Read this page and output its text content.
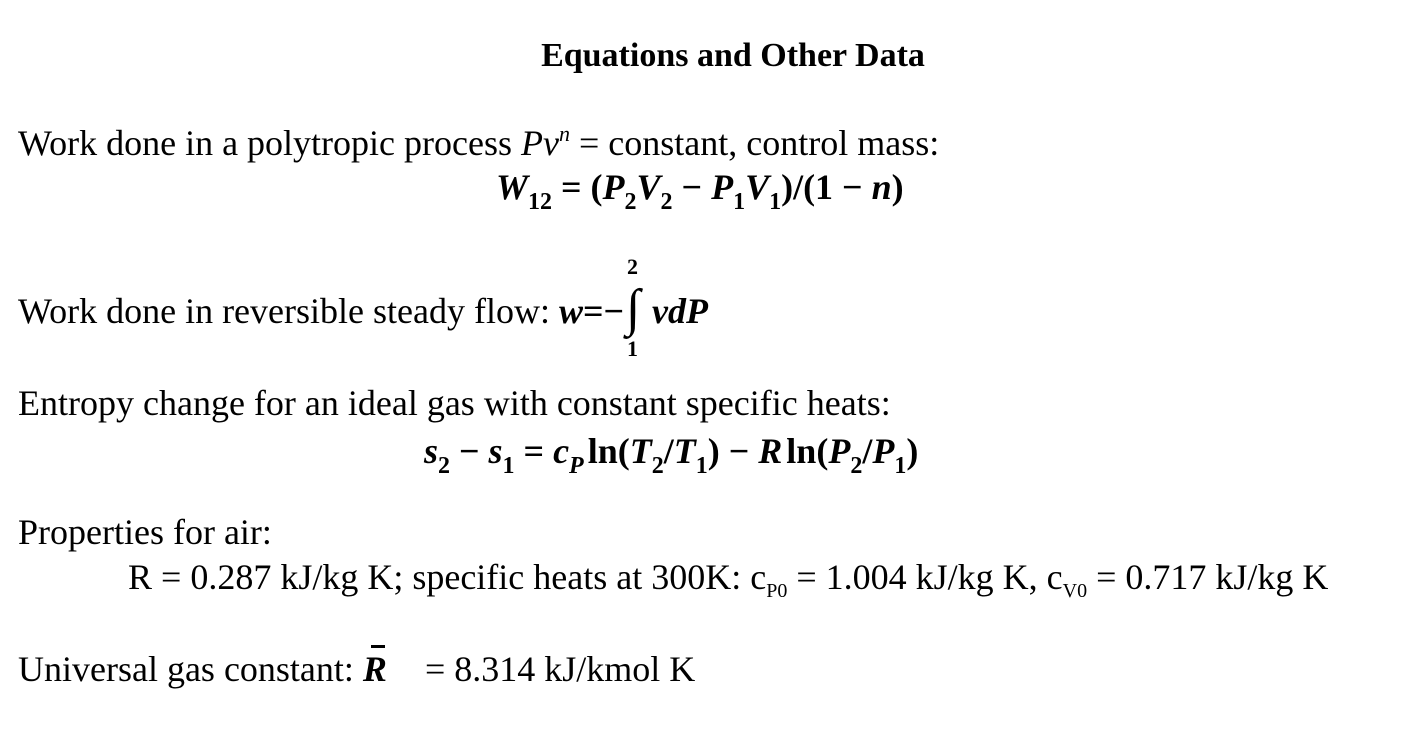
Equations and Other Data
Work done in a polytropic process $Pv^n$ = constant, control mass:
$W_{12} = (P_2V_2 - P_1V_1)/(1 - n)$
Work done in reversible steady flow: w=−
2
∫
1
vdP
Entropy change for an ideal gas with constant specific heats:
$s_2 - s_1 = c_P$ $\ln(T_2/T_1) - R$ $\ln(P_2/P_1)$
Properties for air:
R = 0.287 kJ/kg K; specific heats at 300K: $c_{P0} = 1.004$ kJ/kg K, $c_{V0} = 0.717$ kJ/kg K
Universal gas constant: R = 8.314 kJ/kmol K
